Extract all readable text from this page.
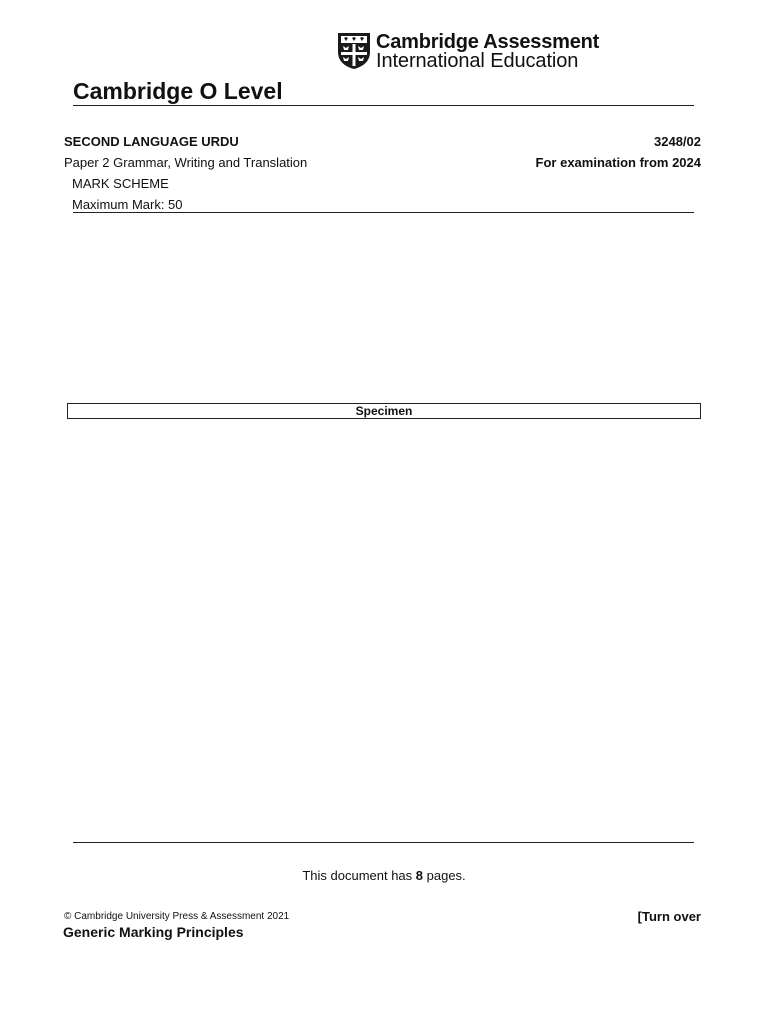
Cambridge Assessment
International Education
Cambridge O Level
SECOND LANGUAGE URDU	3248/02
Paper 2 Grammar, Writing and Translation	For examination from 2024
MARK SCHEME
Maximum Mark: 50
Specimen
This document has 8 pages.
© Cambridge University Press & Assessment 2021	[Turn over
Generic Marking Principles
